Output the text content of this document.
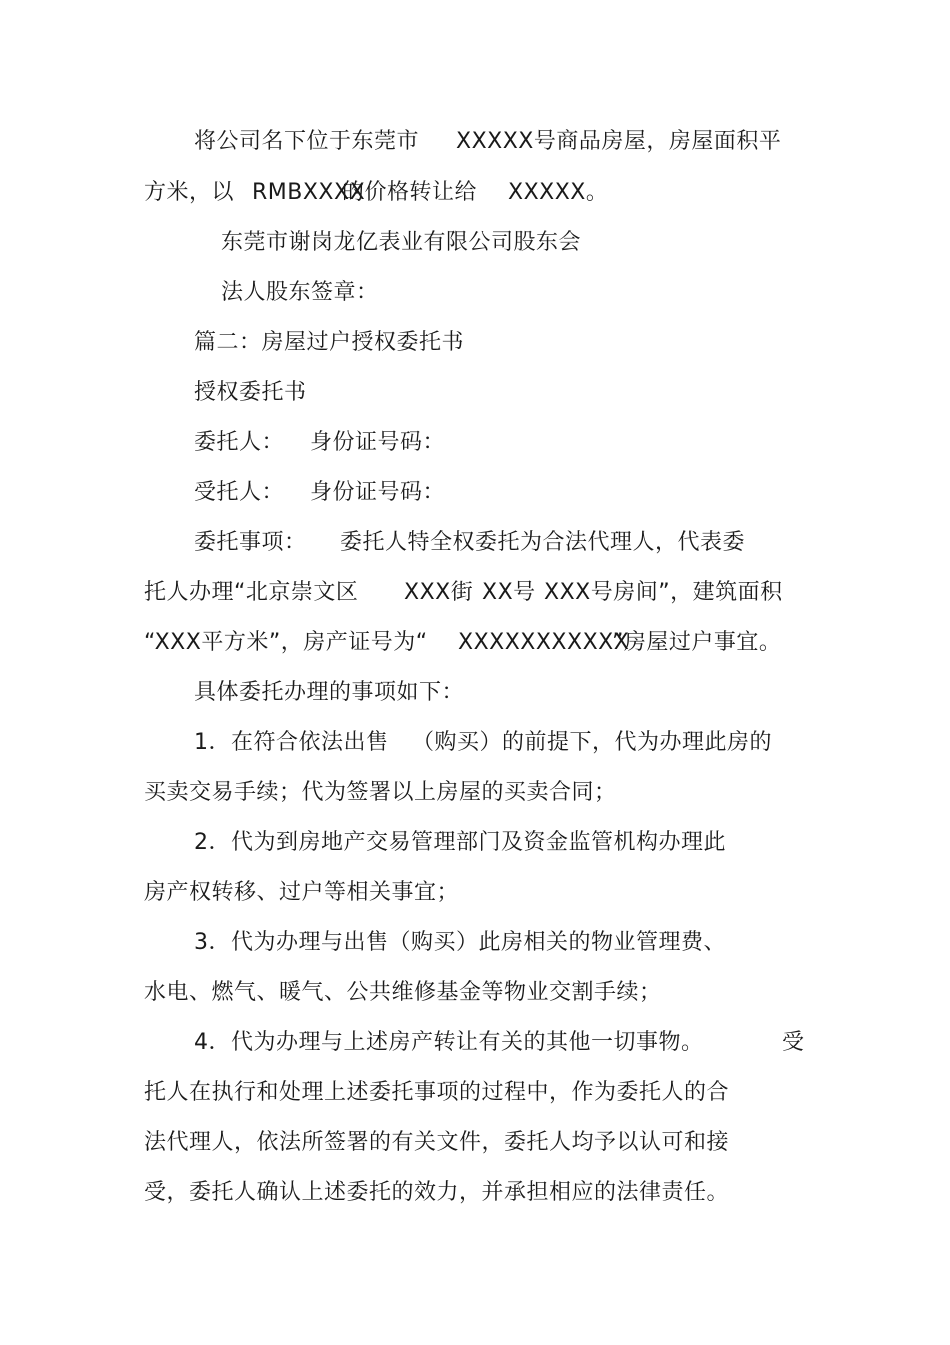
将公司名下位于东莞市 XXXXX号商品房屋，房屋面积平
方米，以 RMBXXXX
的价格转让给 XXXXX。
东莞市谢岗龙亿表业有限公司股东会
法人股东签章：
篇二：房屋过户授权委托书
授权委托书
委托人： 身份证号码：
受托人： 身份证号码：
委托事项： 委托人特全权委托为合法代理人，代表委
托人办理“北京崇文区 XXX街 XX号 XXX号房间”，建筑面积
“XXX平方米”，房产证号为“ XXXXXXXXXXX
”房屋过户事宜。
具体委托办理的事项如下：
1．在符合依法出售 （购买）的前提下，代为办理此房的
买卖交易手续；代为签署以上房屋的买卖合同；
2．代为到房地产交易管理部门及资金监管机构办理此
房产权转移、过户等相关事宜；
3．代为办理与出售（购买）此房相关的物业管理费、
水电、燃气、暖气、公共维修基金等物业交割手续；
4．代为办理与上述房产转让有关的其他一切事物。	受
托人在执行和处理上述委托事项的过程中，作为委托人的合
法代理人，依法所签署的有关文件，委托人均予以认可和接
受，委托人确认上述委托的效力，并承担相应的法律责任。
